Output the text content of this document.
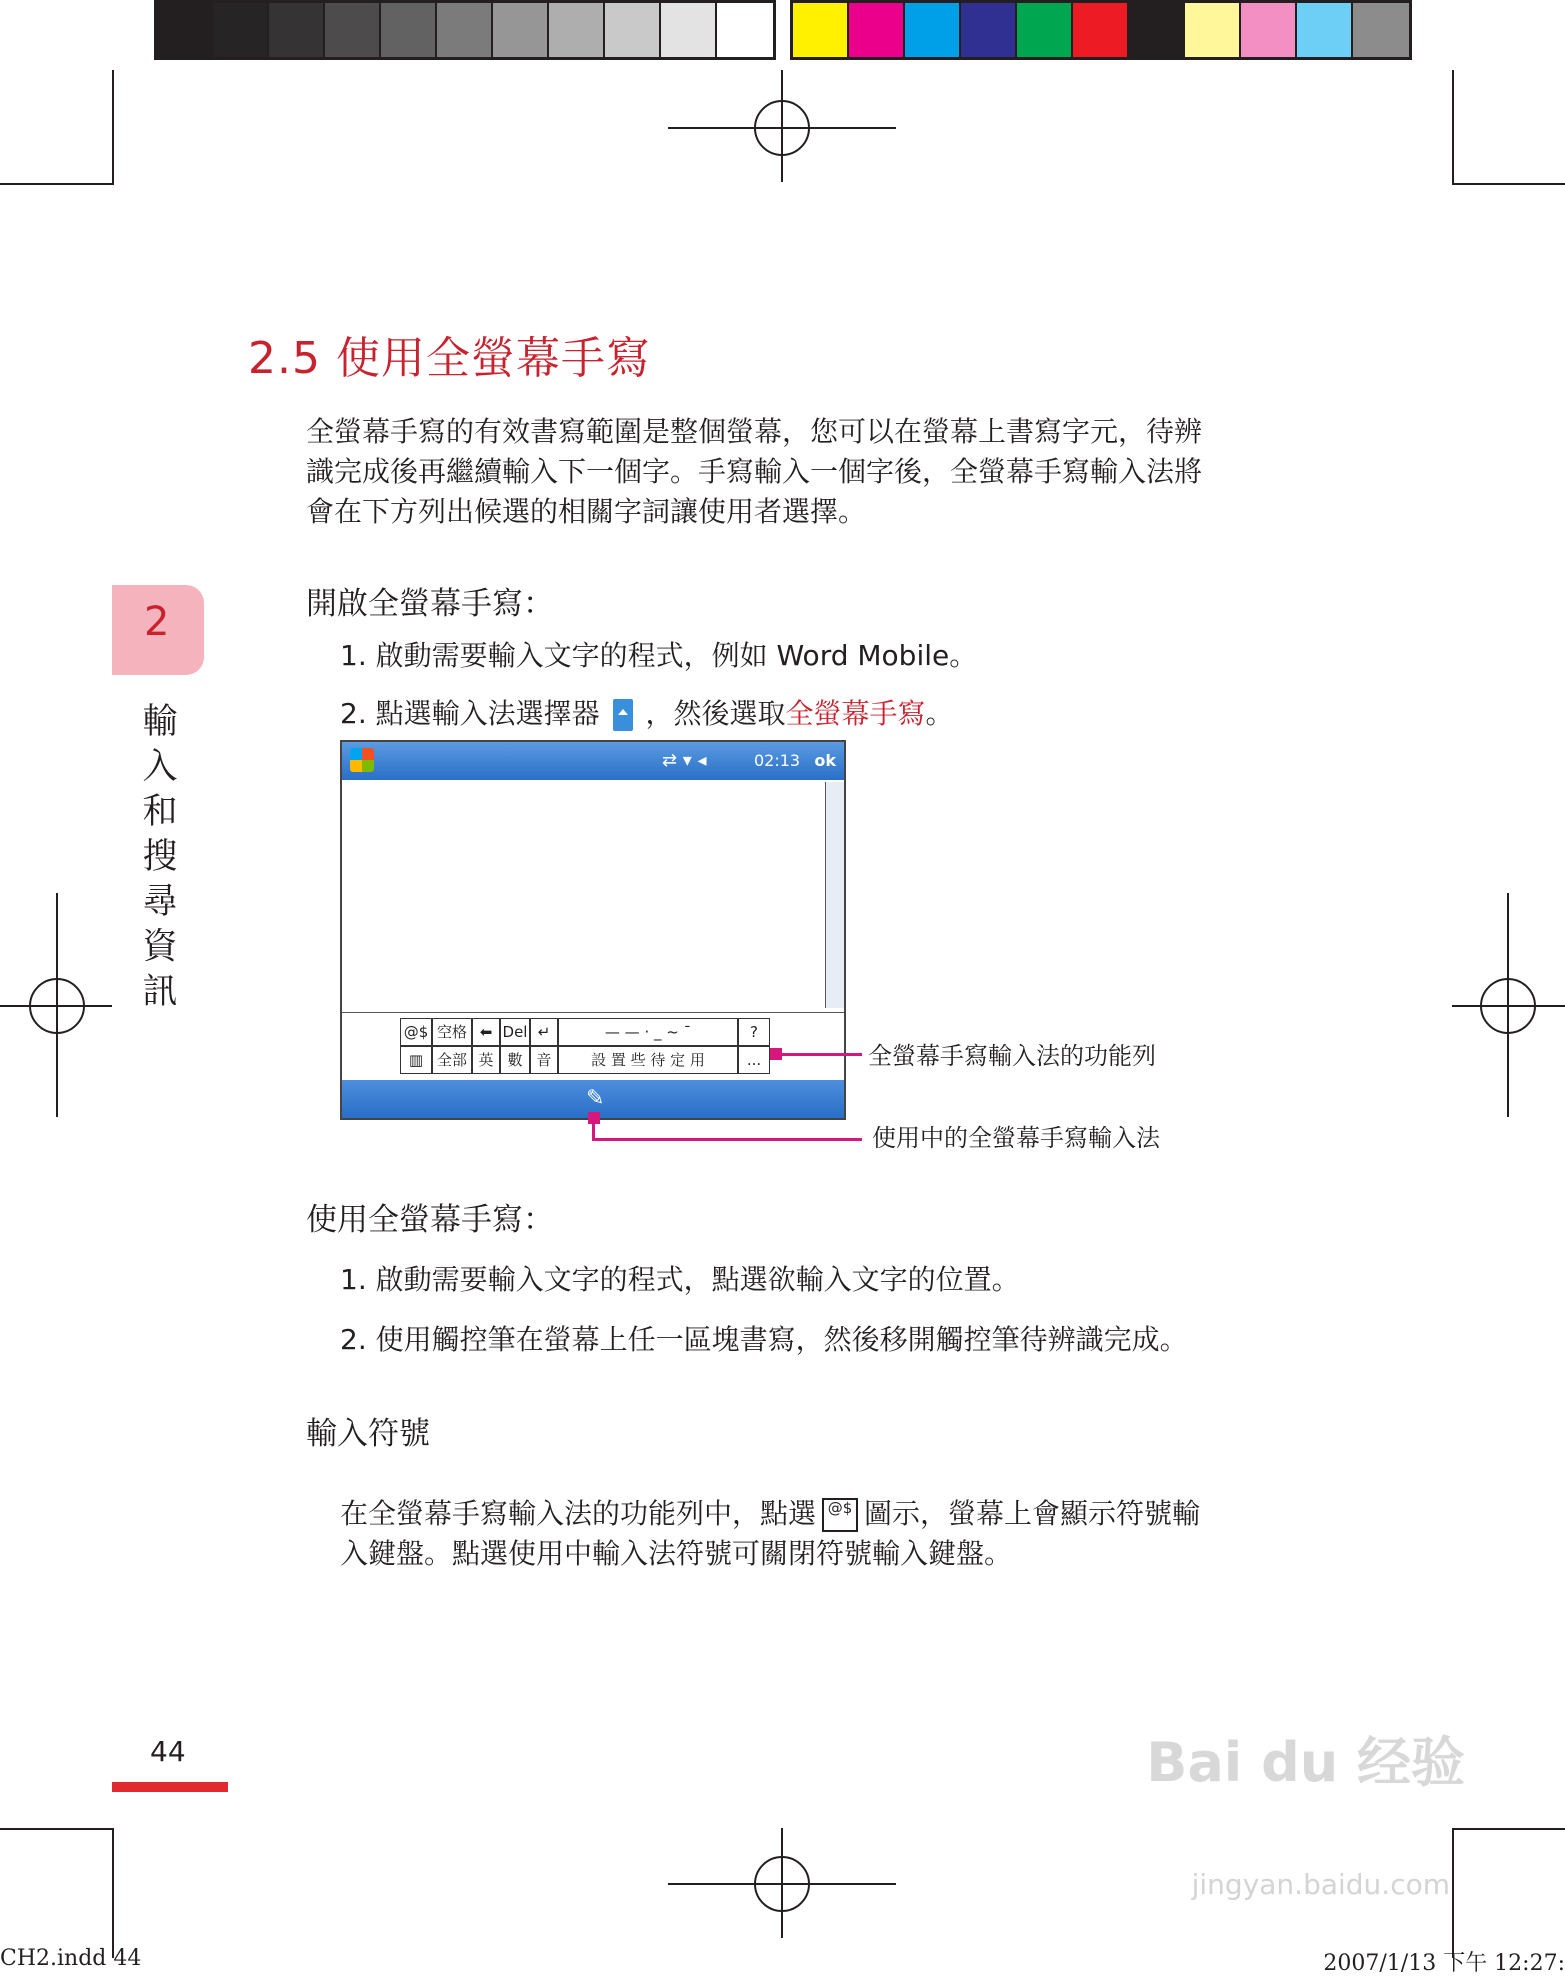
2
輸
入
和
搜
尋
資
訊
2.5 使用全螢幕手寫
全螢幕手寫的有效書寫範圍是整個螢幕，您可以在螢幕上書寫字元，待辨
識完成後再繼續輸入下一個字。手寫輸入一個字後，全螢幕手寫輸入法將
會在下方列出候選的相關字詞讓使用者選擇。
開啟全螢幕手寫：
1. 啟動需要輸入文字的程式，例如 Word Mobile。
2. 點選輸入法選擇器 ，然後選取全螢幕手寫。
⇄ ▾ ◂	02:13 ok
@$ 空格 ⬅ Del ↵	— — · _ ~ ¯	?
▥ 全部 英 數 音	設 置 些 待 定 用	...
✎
全螢幕手寫輸入法的功能列
使用中的全螢幕手寫輸入法
使用全螢幕手寫：
1. 啟動需要輸入文字的程式，點選欲輸入文字的位置。
2. 使用觸控筆在螢幕上任一區塊書寫，然後移開觸控筆待辨識完成。
輸入符號
在全螢幕手寫輸入法的功能列中，點選 @$ 圖示，螢幕上會顯示符號輸
入鍵盤。點選使用中輸入法符號可關閉符號輸入鍵盤。
44	Bai du 经验
jingyan.baidu.com
CH2.indd 44	2007/1/13 下午 12:27:
